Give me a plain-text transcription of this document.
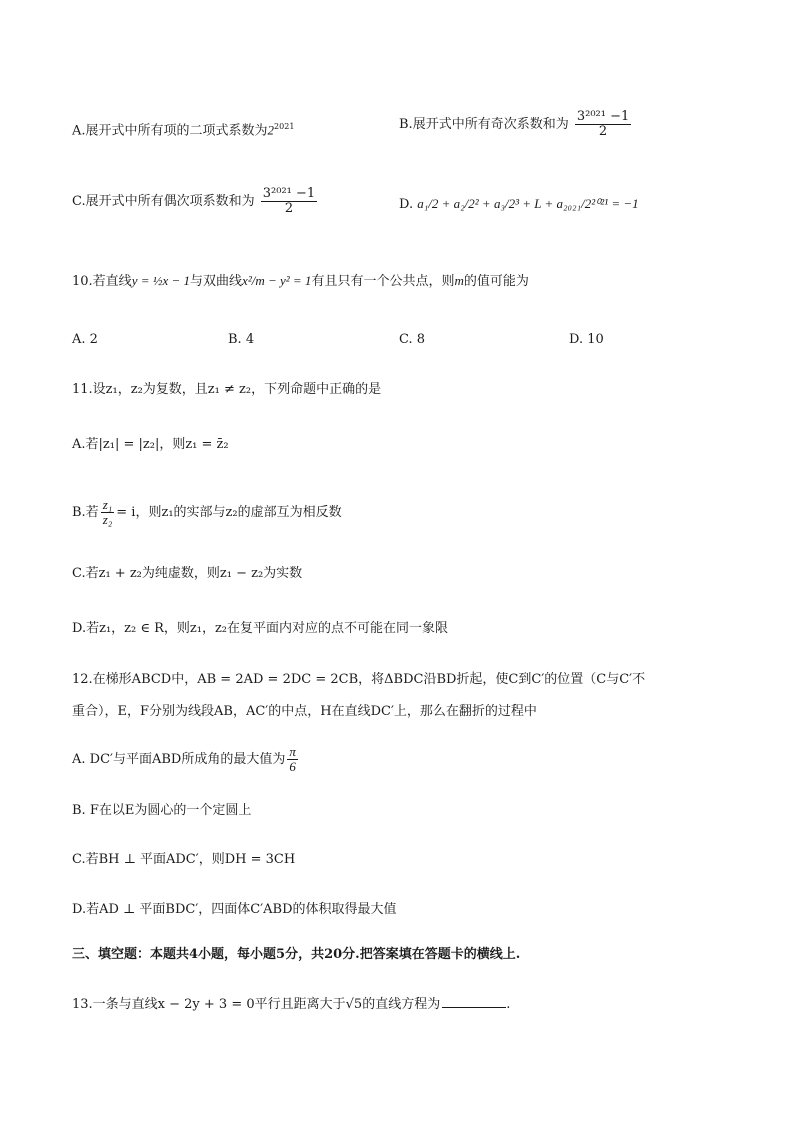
A.展开式中所有项的二项式系数为$2^{2021}$	B.展开式中所有奇次系数和为 $\frac{\text{3²⁰²¹ −1}}{2}$
C.展开式中所有偶次项系数和为 $\frac{\text{3²⁰²¹ −1}}{2}$	D. a₁/2 + a₂/2² + a₃/2³ + L + a₂₀₂₁/2²⁰²¹ = −1
10.若直线y = ½x − 1与双曲线x²/m − y² = 1有且只有一个公共点，则m的值可能为
A. 2	B. 4	C. 8	D. 10
11.设z₁，z₂为复数，且z₁ ≠ z₂，下列命题中正确的是
A.若|z₁| = |z₂|，则z₁ = z̄₂
B.若 $\frac{\text{z₁}}{\text{z₂}} = i$，则z₁的实部与z₂的虚部互为相反数
C.若z₁ + z₂为纯虚数，则z₁ − z₂为实数
D.若z₁，z₂ ∈ R，则z₁，z₂在复平面内对应的点不可能在同一象限
12.在梯形ABCD中，AB = 2AD = 2DC = 2CB，将ΔBDC沿BD折起，使C到C′的位置（C与C′不
重合），E，F分别为线段AB，AC′的中点，H在直线DC′上，那么在翻折的过程中
A. DC′与平面ABD所成角的最大值为 $\frac{\pi}{6}$
B. F在以E为圆心的一个定圆上
C.若BH ⊥ 平面ADC′，则DH = 3CH
D.若AD ⊥ 平面BDC′，四面体C′ABD的体积取得最大值
三、填空题：本题共4小题，每小题5分，共20分.把答案填在答题卡的横线上.
13.一条与直线x − 2y + 3 = 0平行且距离大于√5的直线方程为	.
